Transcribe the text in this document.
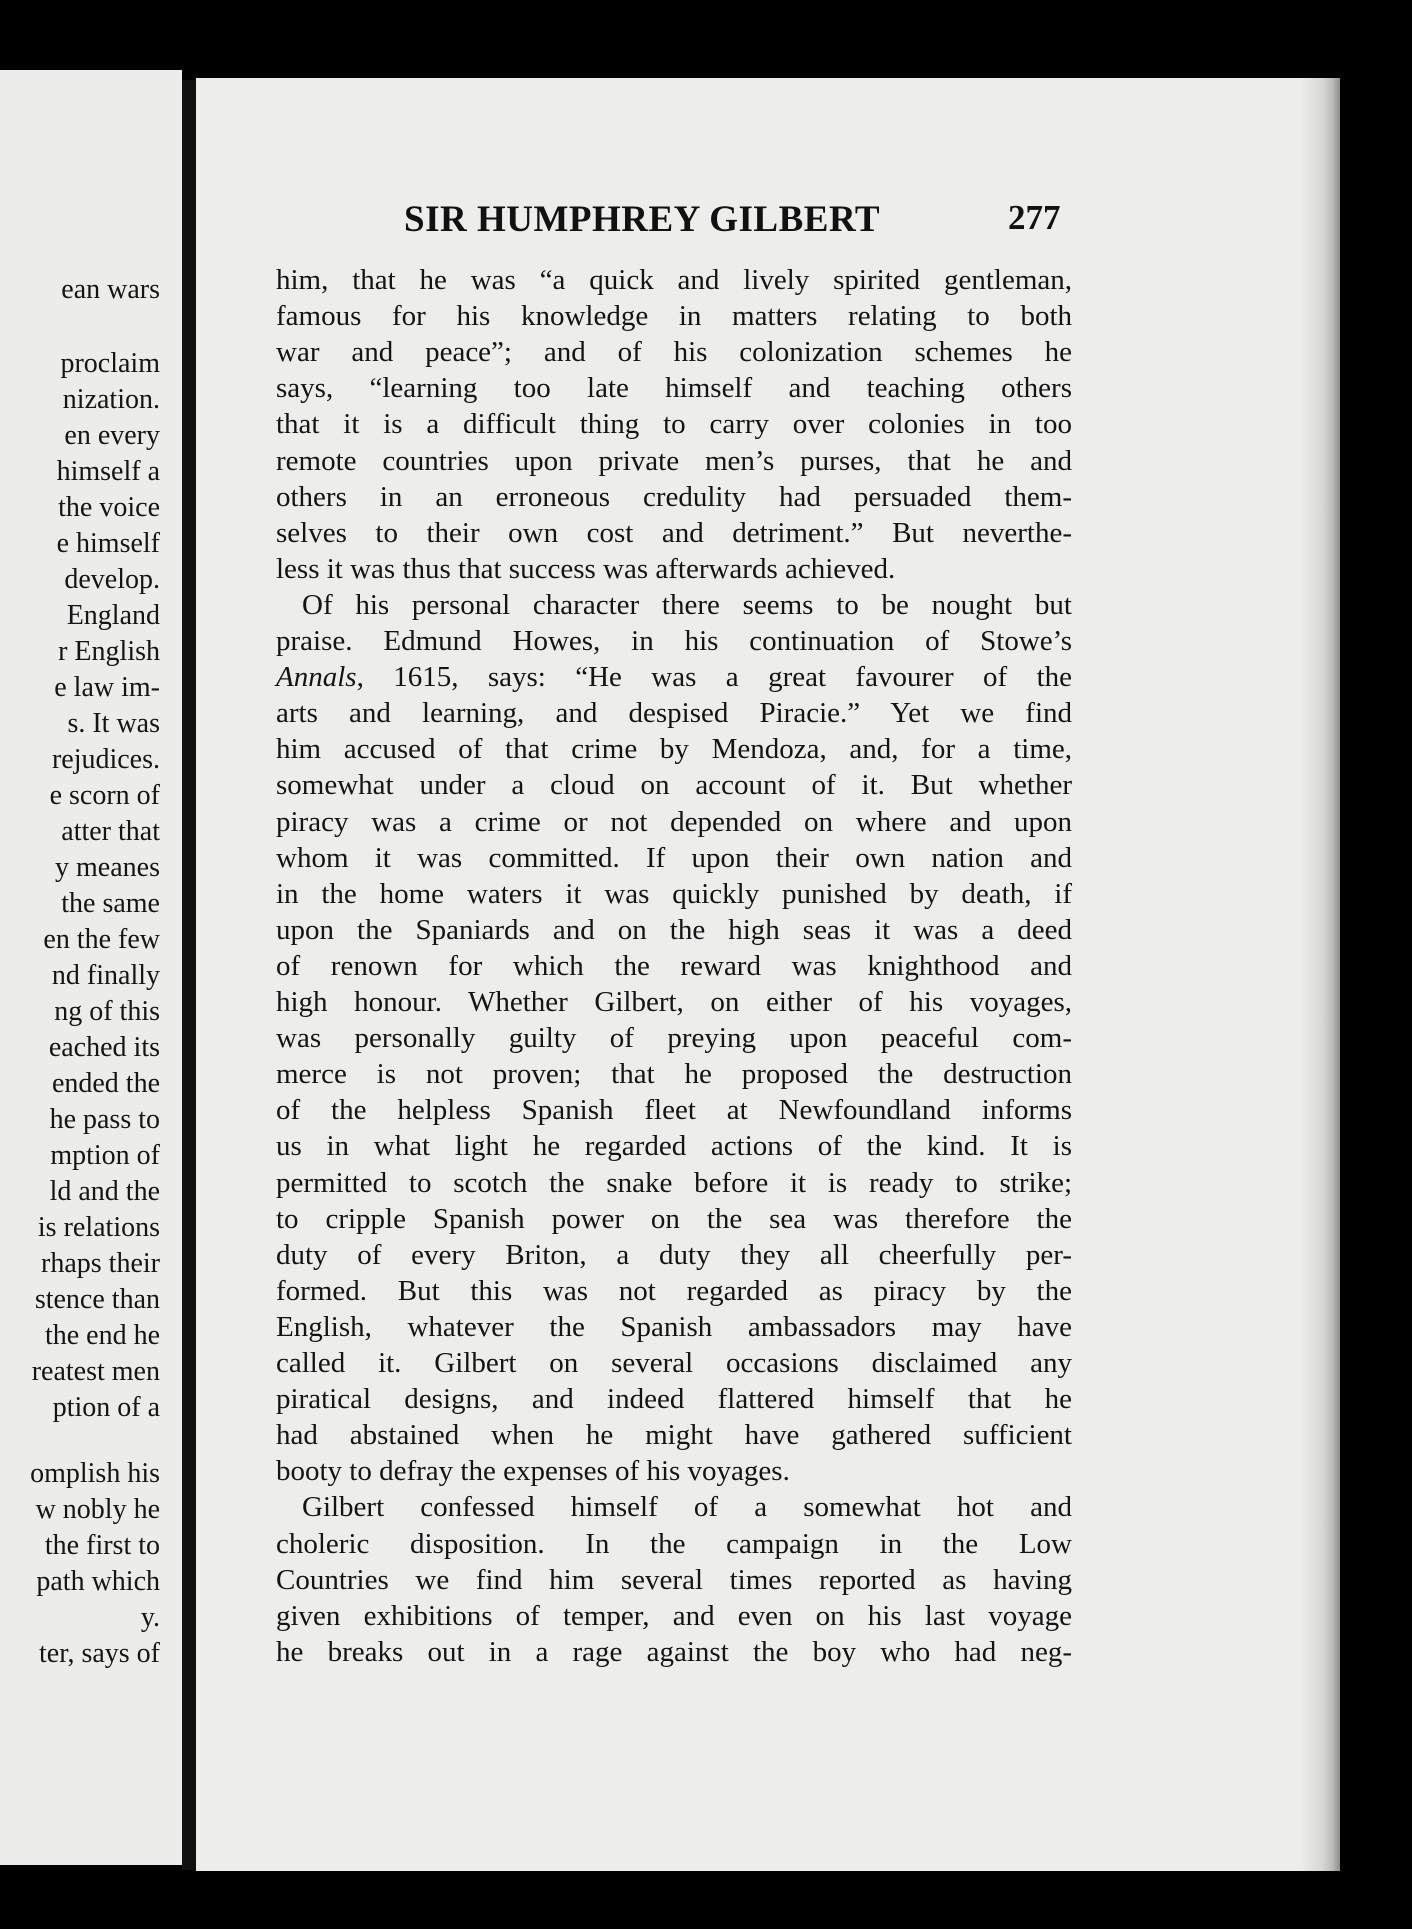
ean wars
proclaim
nization.
en every
himself a
the voice
e himself
develop.
England
r English
e law im-
s. It was
rejudices.
e scorn of
atter that
y meanes
the same
en the few
nd finally
ng of this
eached its
ended the
he pass to
mption of
ld and the
is relations
rhaps their
stence than
the end he
reatest men
ption of a
omplish his
w nobly he
the first to
path which
y.
ter, says of
SIR HUMPHREY GILBERT	277
him, that he was “a quick and lively spirited gentleman,
famous for his knowledge in matters relating to both
war and peace”; and of his colonization schemes he
says, “learning too late himself and teaching others
that it is a difficult thing to carry over colonies in too
remote countries upon private men’s purses, that he and
others in an erroneous credulity had persuaded them-
selves to their own cost and detriment.” But neverthe-
less it was thus that success was afterwards achieved.
Of his personal character there seems to be nought but
praise. Edmund Howes, in his continuation of Stowe’s
Annals, 1615, says: “He was a great favourer of the
arts and learning, and despised Piracie.” Yet we find
him accused of that crime by Mendoza, and, for a time,
somewhat under a cloud on account of it. But whether
piracy was a crime or not depended on where and upon
whom it was committed. If upon their own nation and
in the home waters it was quickly punished by death, if
upon the Spaniards and on the high seas it was a deed
of renown for which the reward was knighthood and
high honour. Whether Gilbert, on either of his voyages,
was personally guilty of preying upon peaceful com-
merce is not proven; that he proposed the destruction
of the helpless Spanish fleet at Newfoundland informs
us in what light he regarded actions of the kind. It is
permitted to scotch the snake before it is ready to strike;
to cripple Spanish power on the sea was therefore the
duty of every Briton, a duty they all cheerfully per-
formed. But this was not regarded as piracy by the
English, whatever the Spanish ambassadors may have
called it. Gilbert on several occasions disclaimed any
piratical designs, and indeed flattered himself that he
had abstained when he might have gathered sufficient
booty to defray the expenses of his voyages.
Gilbert confessed himself of a somewhat hot and
choleric disposition. In the campaign in the Low
Countries we find him several times reported as having
given exhibitions of temper, and even on his last voyage
he breaks out in a rage against the boy who had neg-
